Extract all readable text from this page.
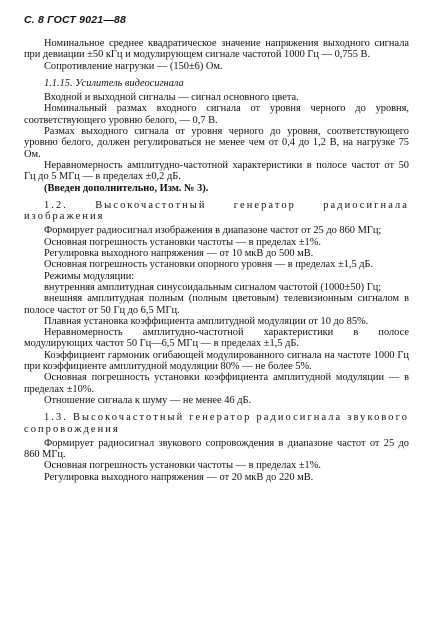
С. 8 ГОСТ 9021—88

Номинальное среднее квадратическое значение напряжения выходного сигнала при девиации ±50 кГц и модулирующем сигнале частотой 1000 Гц — 0,755 В.

Сопротивление нагрузки — (150±6) Ом.

1.1.15. Усилитель видеосигнала

Входной и выходной сигналы — сигнал основного цвета.

Номинальный размах входного сигнала от уровня черного до уровня, соответствующего уровню белого, — 0,7 В.

Размах выходного сигнала от уровня черного до уровня, соответствующего уровню белого, должен регулироваться не менее чем от 0,4 до 1,2 В, на нагрузке 75 Ом.

Неравномерность амплитудно-частотной характеристики в полосе частот от 50 Гц до 5 МГц — в пределах ±0,2 дБ.

(Введен дополнительно, Изм. № 3).

1.2. Высокочастотный генератор радиосигнала изображения

Формирует радиосигнал изображения в диапазоне частот от 25 до 860 МГц;

Основная погрешность установки частоты — в пределах ±1%.

Регулировка выходного напряжения — от 10 мкВ до 500 мВ.

Основная погрешность установки опорного уровня — в пределах ±1,5 дБ.

Режимы модуляции:

внутренняя амплитудная синусоидальным сигналом частотой (1000±50) Гц;

внешняя амплитудная полным (полным цветовым) телевизионным сигналом в полосе частот от 50 Гц до 6,5 МГц.

Плавная установка коэффициента амплитудной модуляции от 10 до 85%.

Неравномерность амплитудно-частотной характеристики в полосе модулирующих частот 50 Гц—6,5 МГц — в пределах ±1,5 дБ.

Коэффициент гармоник огибающей модулированного сигнала на частоте 1000 Гц при коэффициенте амплитудной модуляции 80% — не более 5%.

Основная погрешность установки коэффициента амплитудной модуляции — в пределах ±10%.

Отношение сигнала к шуму — не менее 46 дБ.

1.3. Высокочастотный генератор радиосигнала звукового сопровождения

Формирует радиосигнал звукового сопровождения в диапазоне частот от 25 до 860 МГц.

Основная погрешность установки частоты — в пределах ±1%.

Регулировка выходного напряжения — от 20 мкВ до 220 мВ.
